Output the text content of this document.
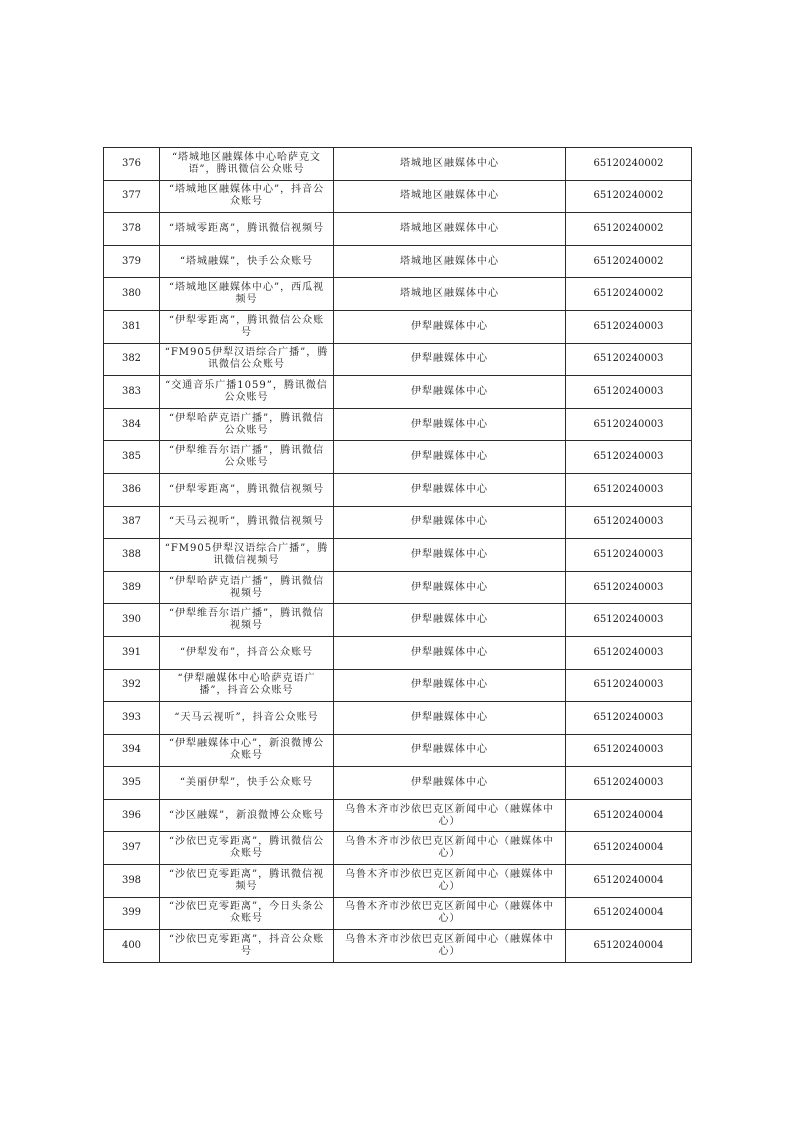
376	“塔城地区融媒体中心哈萨克文语”，腾讯微信公众账号	塔城地区融媒体中心	65120240002
377	“塔城地区融媒体中心”，抖音公众账号	塔城地区融媒体中心	65120240002
378	“塔城零距离”，腾讯微信视频号	塔城地区融媒体中心	65120240002
379	“塔城融媒”，快手公众账号	塔城地区融媒体中心	65120240002
380	“塔城地区融媒体中心”，西瓜视频号	塔城地区融媒体中心	65120240002
381	“伊犁零距离”，腾讯微信公众账号	伊犁融媒体中心	65120240003
382	“FM905伊犁汉语综合广播”，腾讯微信公众账号	伊犁融媒体中心	65120240003
383	“交通音乐广播1059”，腾讯微信公众账号	伊犁融媒体中心	65120240003
384	“伊犁哈萨克语广播”，腾讯微信公众账号	伊犁融媒体中心	65120240003
385	“伊犁维吾尔语广播”，腾讯微信公众账号	伊犁融媒体中心	65120240003
386	“伊犁零距离”，腾讯微信视频号	伊犁融媒体中心	65120240003
387	“天马云视听”，腾讯微信视频号	伊犁融媒体中心	65120240003
388	“FM905伊犁汉语综合广播”，腾讯微信视频号	伊犁融媒体中心	65120240003
389	“伊犁哈萨克语广播”，腾讯微信视频号	伊犁融媒体中心	65120240003
390	“伊犁维吾尔语广播”，腾讯微信视频号	伊犁融媒体中心	65120240003
391	“伊犁发布”，抖音公众账号	伊犁融媒体中心	65120240003
392	“伊犁融媒体中心哈萨克语广播”，抖音公众账号	伊犁融媒体中心	65120240003
393	“天马云视听”，抖音公众账号	伊犁融媒体中心	65120240003
394	“伊犁融媒体中心”，新浪微博公众账号	伊犁融媒体中心	65120240003
395	“美丽伊犁”，快手公众账号	伊犁融媒体中心	65120240003
396	“沙区融媒”，新浪微博公众账号	乌鲁木齐市沙依巴克区新闻中心（融媒体中心）	65120240004
397	“沙依巴克零距离”，腾讯微信公众账号	乌鲁木齐市沙依巴克区新闻中心（融媒体中心）	65120240004
398	“沙依巴克零距离”，腾讯微信视频号	乌鲁木齐市沙依巴克区新闻中心（融媒体中心）	65120240004
399	“沙依巴克零距离”，今日头条公众账号	乌鲁木齐市沙依巴克区新闻中心（融媒体中心）	65120240004
400	“沙依巴克零距离”，抖音公众账号	乌鲁木齐市沙依巴克区新闻中心（融媒体中心）	65120240004
